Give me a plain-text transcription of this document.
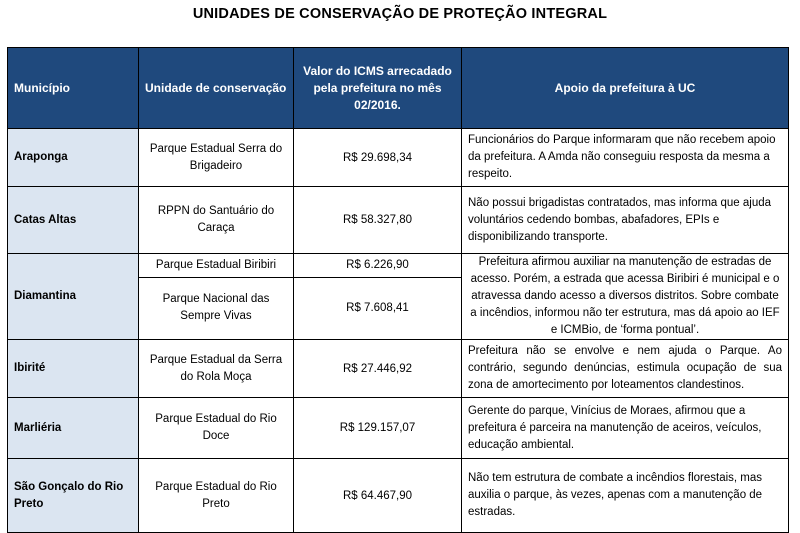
UNIDADES DE CONSERVAÇÃO DE PROTEÇÃO INTEGRAL
Município	Unidade de conservação	Valor do ICMS arrecadado pela prefeitura no mês 02/2016.	Apoio da prefeitura à UC
Araponga	Parque Estadual Serra do Brigadeiro	R$ 29.698,34	Funcionários do Parque informaram que não recebem apoio da prefeitura. A Amda não conseguiu resposta da mesma a respeito.
Catas Altas	RPPN do Santuário do Caraça	R$ 58.327,80	Não possui brigadistas contratados, mas informa que ajuda voluntários cedendo bombas, abafadores, EPIs e disponibilizando transporte.
Diamantina	Parque Estadual Biribiri	R$ 6.226,90	Prefeitura afirmou auxiliar na manutenção de estradas de acesso. Porém, a estrada que acessa Biribiri é municipal e o atravessa dando acesso a diversos distritos. Sobre combate a incêndios, informou não ter estrutura, mas dá apoio ao IEF e ICMBio, de ‘forma pontual’.
	Parque Nacional das Sempre Vivas	R$ 7.608,41	
Ibirité	Parque Estadual da Serra do Rola Moça	R$ 27.446,92	Prefeitura não se envolve e nem ajuda o Parque. Ao contrário, segundo denúncias, estimula ocupação de sua zona de amortecimento por loteamentos clandestinos.
Marliéria	Parque Estadual do Rio Doce	R$ 129.157,07	Gerente do parque, Vinícius de Moraes, afirmou que a prefeitura é parceira na manutenção de aceiros, veículos, educação ambiental.
São Gonçalo do Rio Preto	Parque Estadual do Rio Preto	R$ 64.467,90	Não tem estrutura de combate a incêndios florestais, mas auxilia o parque, às vezes, apenas com a manutenção de estradas.
